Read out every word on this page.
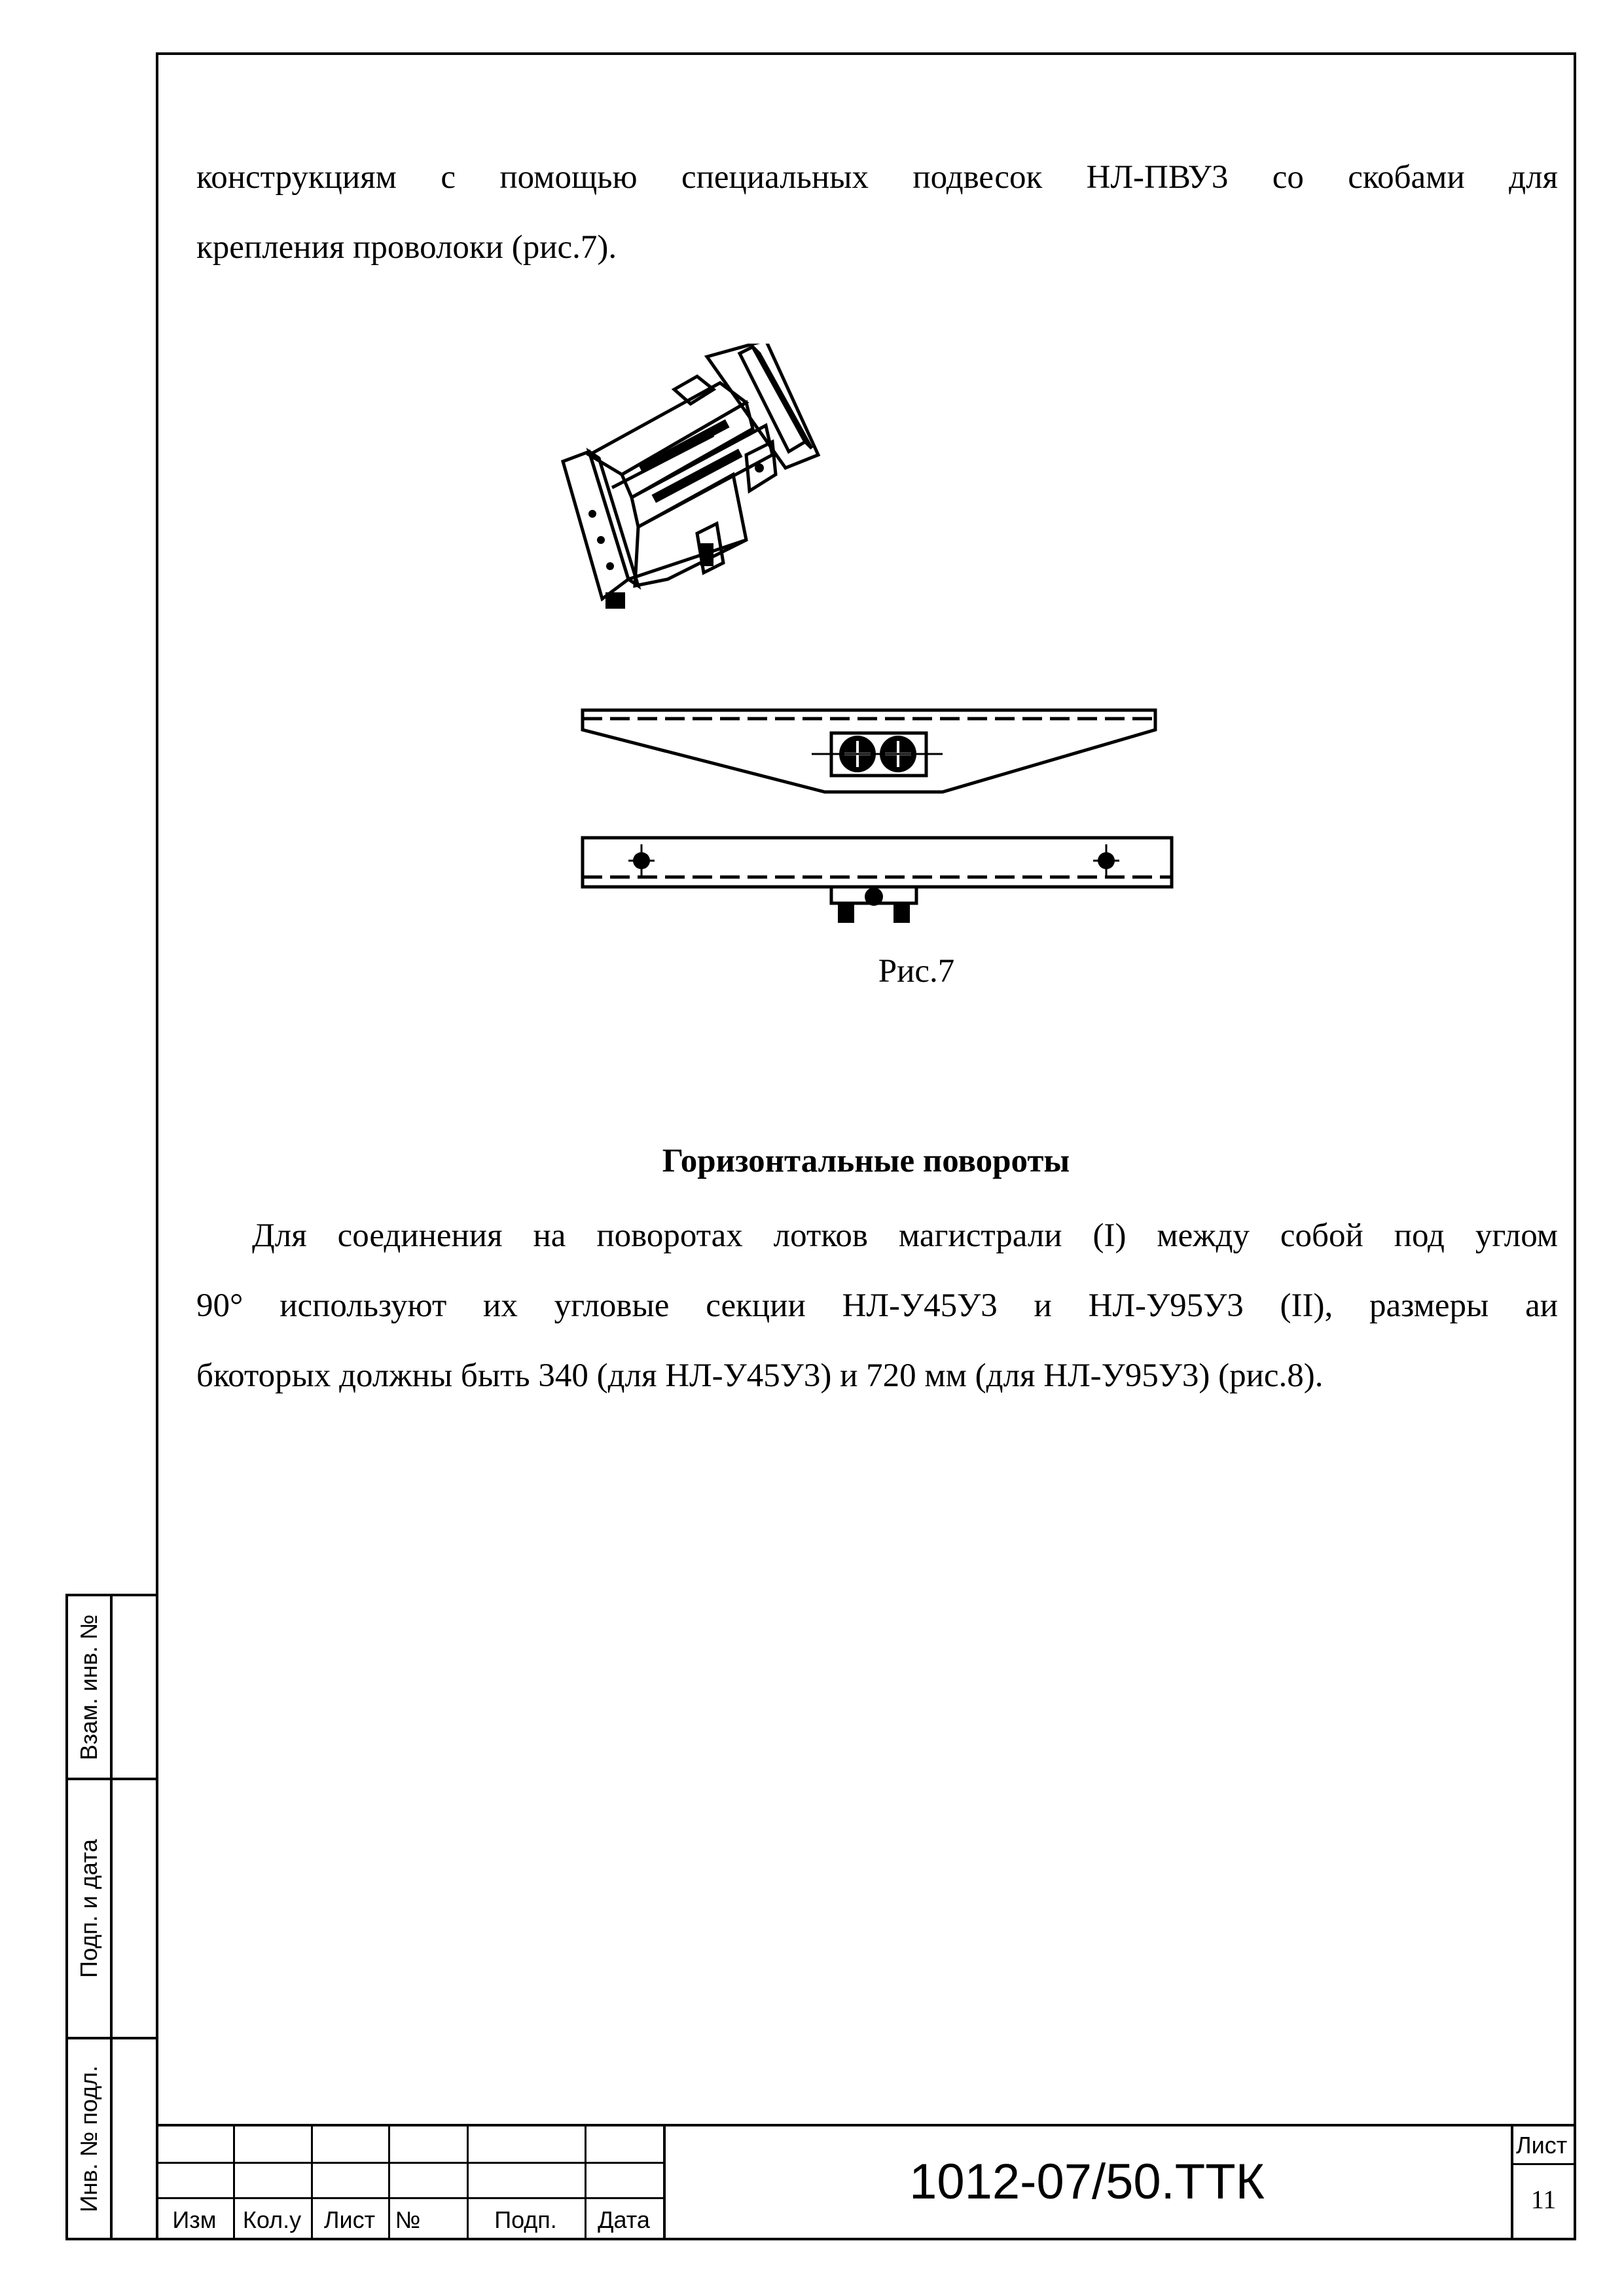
конструкциям с помощью специальных подвесок НЛ-ПВУ3 со скобами для

крепления проволоки (рис.7).

Рис.7
Горизонтальные повороты

Для соединения на поворотах лотков магистрали (I) между собой под углом

90° используют их угловые секции НЛ-У45У3 и НЛ-У95У3 (II), размеры аи

бкоторых должны быть 340 (для НЛ-У45У3) и 720 мм (для НЛ-У95У3) (рис.8).

Взам. инв. №
Подп. и дата
Инв. № подл.
Изм	Кол.у Лист №	Подп.	Дата
1012-07/50.ТТК
Лист
11
